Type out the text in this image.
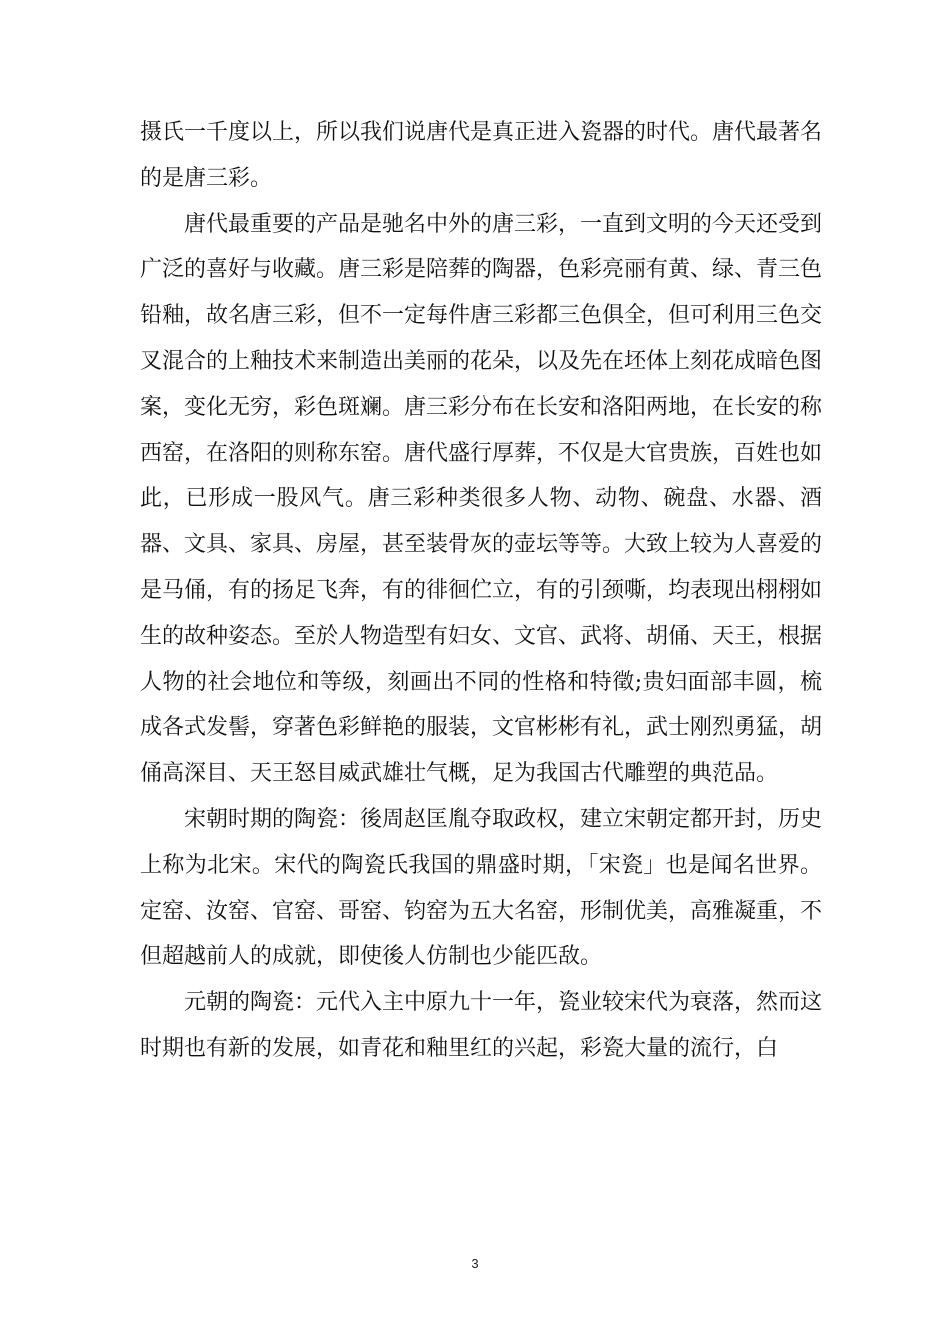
摄氏一千度以上，所以我们说唐代是真正进入瓷器的时代。唐代最著名的是唐三彩。

唐代最重要的产品是驰名中外的唐三彩，一直到文明的今天还受到广泛的喜好与收藏。唐三彩是陪葬的陶器，色彩亮丽有黄、绿、青三色铅釉，故名唐三彩，但不一定每件唐三彩都三色俱全，但可利用三色交叉混合的上釉技术来制造出美丽的花朵，以及先在坯体上刻花成暗色图案，变化无穷，彩色斑斓。唐三彩分布在长安和洛阳两地，在长安的称西窑，在洛阳的则称东窑。唐代盛行厚葬，不仅是大官贵族，百姓也如此，已形成一股风气。唐三彩种类很多人物、动物、碗盘、水器、酒器、文具、家具、房屋，甚至装骨灰的壶坛等等。大致上较为人喜爱的是马俑，有的扬足飞奔，有的徘徊伫立，有的引颈嘶，均表现出栩栩如生的故种姿态。至於人物造型有妇女、文官、武将、胡俑、天王，根据人物的社会地位和等级，刻画出不同的性格和特徵;贵妇面部丰圆，梳成各式发髻，穿著色彩鲜艳的服装，文官彬彬有礼，武士刚烈勇猛，胡俑高深目、天王怒目威武雄壮气概，足为我国古代雕塑的典范品。

宋朝时期的陶瓷：後周赵匡胤夺取政权，建立宋朝定都开封，历史上称为北宋。宋代的陶瓷氏我国的鼎盛时期，「宋瓷」也是闻名世界。定窑、汝窑、官窑、哥窑、钧窑为五大名窑，形制优美，高雅凝重，不但超越前人的成就，即使後人仿制也少能匹敌。

元朝的陶瓷：元代入主中原九十一年，瓷业较宋代为衰落，然而这时期也有新的发展，如青花和釉里红的兴起，彩瓷大量的流行，白

3
